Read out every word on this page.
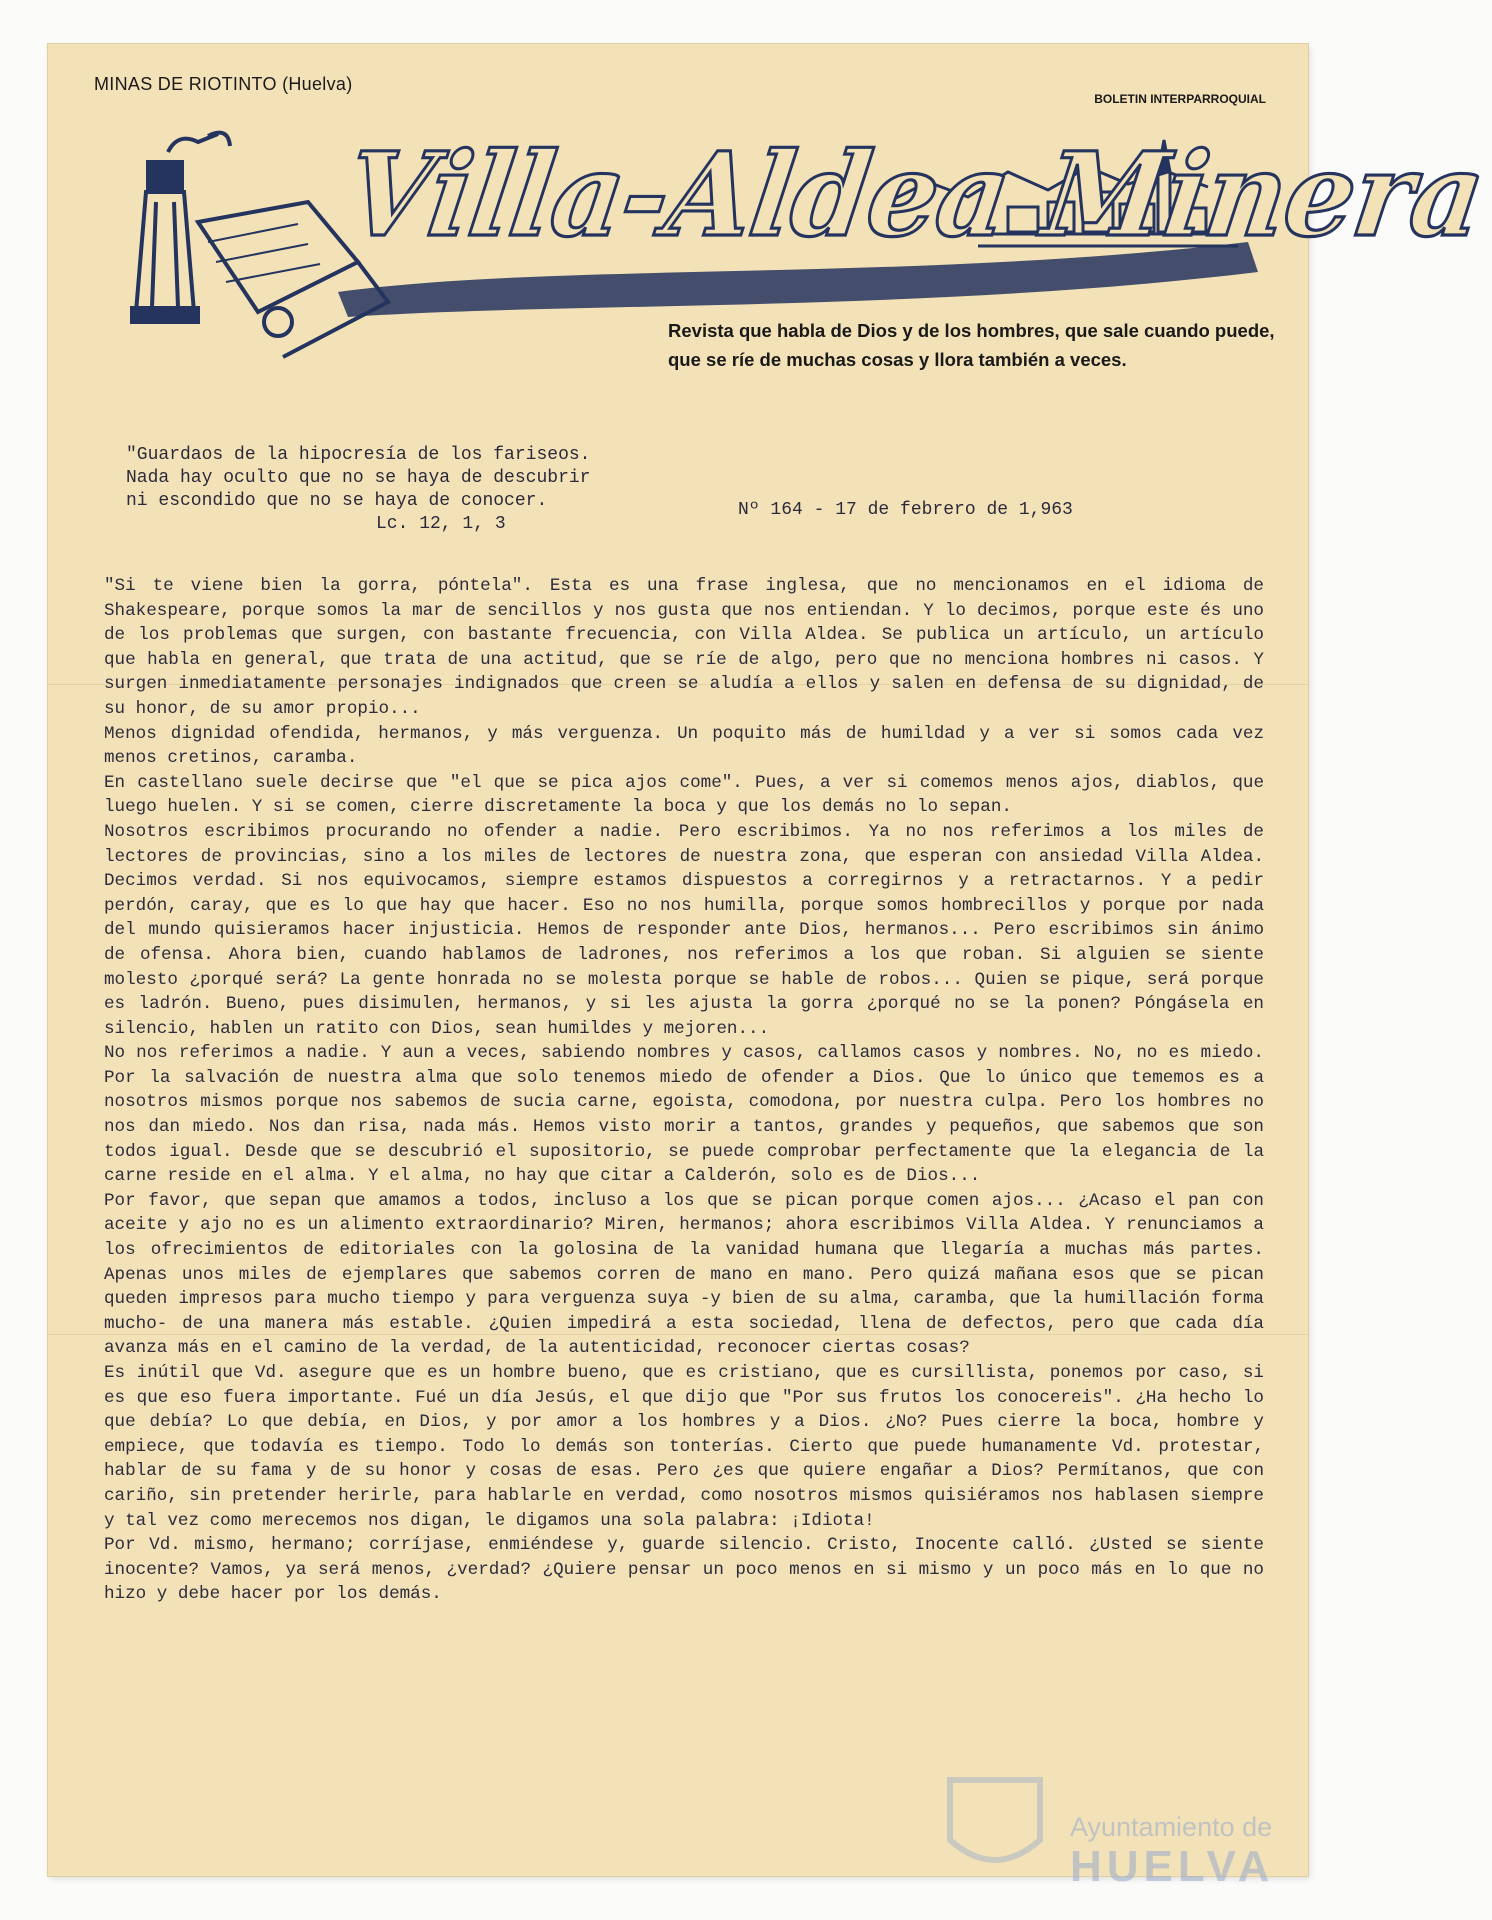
MINAS DE RIOTINTO (Huelva)
BOLETIN INTERPARROQUIAL
Villa-Aldea Minera
Revista que habla de Dios y de los hombres, que sale cuando puede, que se ríe de muchas cosas y llora también a veces.
"Guardaos de la hipocresía de los fariseos.
Nada hay oculto que no se haya de descubrir
ni escondido que no se haya de conocer.
Lc. 12, 1, 3
Nº 164 - 17 de febrero de 1,963

"Si te viene bien la gorra, póntela". Esta es una frase inglesa, que no mencionamos en el idioma de Shakespeare, porque somos la mar de sencillos y nos gusta que nos entiendan. Y lo decimos, porque este és uno de los problemas que surgen, con bastante frecuencia, con Villa Aldea. Se publica un artículo, un artículo que habla en general, que trata de una actitud, que se ríe de algo, pero que no menciona hombres ni casos. Y surgen inmediatamente personajes indignados que creen se aludía a ellos y salen en defensa de su dignidad, de su honor, de su amor propio...

Menos dignidad ofendida, hermanos, y más verguenza. Un poquito más de humildad y a ver si somos cada vez menos cretinos, caramba.

En castellano suele decirse que "el que se pica ajos come". Pues, a ver si comemos menos ajos, diablos, que luego huelen. Y si se comen, cierre discretamente la boca y que los demás no lo sepan.

Nosotros escribimos procurando no ofender a nadie. Pero escribimos. Ya no nos referimos a los miles de lectores de provincias, sino a los miles de lectores de nuestra zona, que esperan con ansiedad Villa Aldea. Decimos verdad. Si nos equivocamos, siempre estamos dispuestos a corregirnos y a retractarnos. Y a pedir perdón, caray, que es lo que hay que hacer. Eso no nos humilla, porque somos hombrecillos y porque por nada del mundo quisieramos hacer injusticia. Hemos de responder ante Dios, hermanos... Pero escribimos sin ánimo de ofensa. Ahora bien, cuando hablamos de ladrones, nos referimos a los que roban. Si alguien se siente molesto ¿porqué será? La gente honrada no se molesta porque se hable de robos... Quien se pique, será porque es ladrón. Bueno, pues disimulen, hermanos, y si les ajusta la gorra ¿porqué no se la ponen? Póngásela en silencio, hablen un ratito con Dios, sean humildes y mejoren...

No nos referimos a nadie. Y aun a veces, sabiendo nombres y casos, callamos casos y nombres. No, no es miedo. Por la salvación de nuestra alma que solo tenemos miedo de ofender a Dios. Que lo único que tememos es a nosotros mismos porque nos sabemos de sucia carne, egoista, comodona, por nuestra culpa. Pero los hombres no nos dan miedo. Nos dan risa, nada más. Hemos visto morir a tantos, grandes y pequeños, que sabemos que son todos igual. Desde que se descubrió el supositorio, se puede comprobar perfectamente que la elegancia de la carne reside en el alma. Y el alma, no hay que citar a Calderón, solo es de Dios...

Por favor, que sepan que amamos a todos, incluso a los que se pican porque comen ajos... ¿Acaso el pan con aceite y ajo no es un alimento extraordinario? Miren, hermanos; ahora escribimos Villa Aldea. Y renunciamos a los ofrecimientos de editoriales con la golosina de la vanidad humana que llegaría a muchas más partes. Apenas unos miles de ejemplares que sabemos corren de mano en mano. Pero quizá mañana esos que se pican queden impresos para mucho tiempo y para verguenza suya -y bien de su alma, caramba, que la humillación forma mucho- de una manera más estable. ¿Quien impedirá a esta sociedad, llena de defectos, pero que cada día avanza más en el camino de la verdad, de la autenticidad, reconocer ciertas cosas?

Es inútil que Vd. asegure que es un hombre bueno, que es cristiano, que es cursillista, ponemos por caso, si es que eso fuera importante. Fué un día Jesús, el que dijo que "Por sus frutos los conocereis". ¿Ha hecho lo que debía? Lo que debía, en Dios, y por amor a los hombres y a Dios. ¿No? Pues cierre la boca, hombre y empiece, que todavía es tiempo. Todo lo demás son tonterías. Cierto que puede humanamente Vd. protestar, hablar de su fama y de su honor y cosas de esas. Pero ¿es que quiere engañar a Dios? Permítanos, que con cariño, sin pretender herirle, para hablarle en verdad, como nosotros mismos quisiéramos nos hablasen siempre y tal vez como merecemos nos digan, le digamos una sola palabra: ¡Idiota!

Por Vd. mismo, hermano; corríjase, enmiéndese y, guarde silencio. Cristo, Inocente calló. ¿Usted se siente inocente? Vamos, ya será menos, ¿verdad? ¿Quiere pensar un poco menos en si mismo y un poco más en lo que no hizo y debe hacer por los demás.

Ayuntamiento de
HUELVA
